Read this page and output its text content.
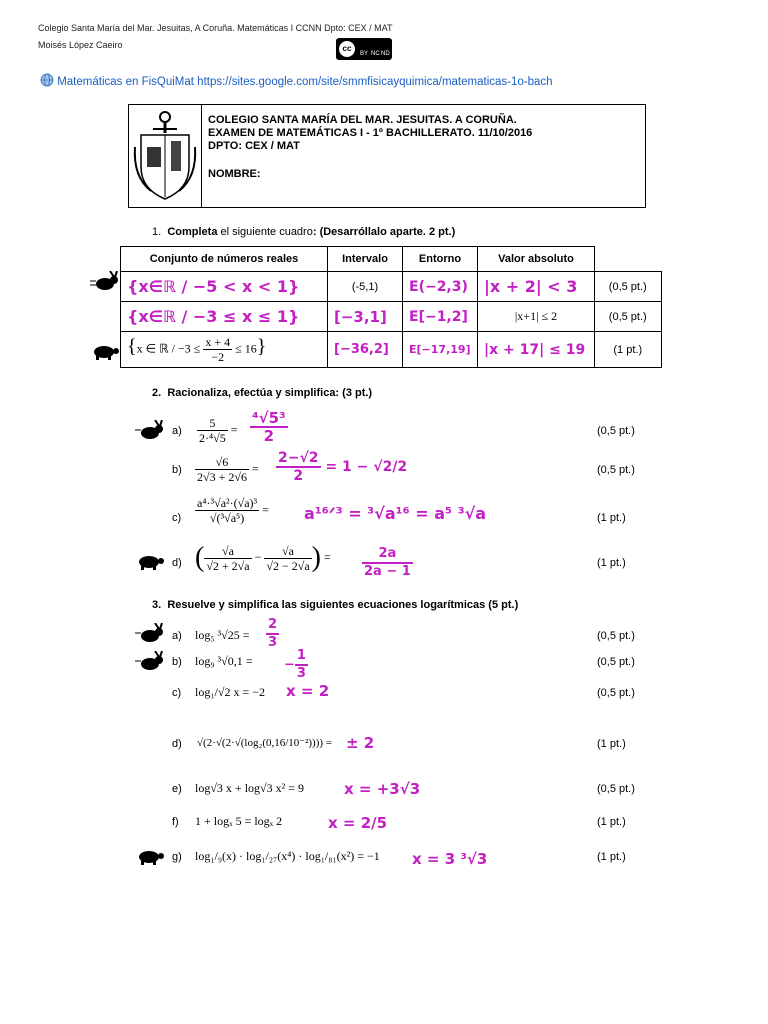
Colegio Santa María del Mar. Jesuitas, A Coruña. Matemáticas I CCNN Dpto: CEX / MAT
Moisés López Caeiro	cc
BY NC ND
Matemáticas en FisQuiMat https://sites.google.com/site/smmfisicayquimica/matematicas-1o-bach
COLEGIO SANTA MARÍA DEL MAR. JESUITAS. A CORUÑA.
EXAMEN DE MATEMÁTICAS I - 1º BACHILLERATO. 11/10/2016
DPTO: CEX / MAT
NOMBRE:
1. Completa el siguiente cuadro: (Desarróllalo aparte. 2 pt.)
Conjunto de números reales	Intervalo	Entorno	Valor absoluto	
{x∈ℝ / −5 < x < 1}	(-5,1)	E(−2,3)	|x + 2| < 3	(0,5 pt.)
{x∈ℝ / −3 ≤ x ≤ 1}	[−3,1]	E[−1,2]	|x+1| ≤ 2	(0,5 pt.)
{x ∈ ℝ / $-3 \le \frac{x + 4}{-2} \le 16$}	[−36,2]	E[−17,19]	|x + 17| ≤ 19	(1 pt.)
2. Racionaliza, efectúa y simplifica: (3 pt.)
$a) \frac{5}{\text{2·⁴√5}} = \frac{\text{⁴√5³}}{2}$	(0,5 pt.)
$b) \frac{√6}{2√3 + 2√6} = \frac{2-√2}{2} = 1 - √2/2$	(0,5 pt.)
$c) \frac{\text{a⁴·³√a²·(√a)³}}{\text{√(³√a⁵)}}$ = a¹⁶ᐟ³ = ³√a¹⁶ = a⁵ ³√a	(1 pt.)
d) ( $\frac{√a}{√2 + 2√a} - \frac{√a}{√2 - 2√a}$ ) = $\frac{2a}{2a - 1}$	(1 pt.)
3. Resuelve y simplifica las siguientes ecuaciones logarítmicas (5 pt.)
a) log₅ $^3√25 = \frac{2}{3}$	(0,5 pt.)
b) log₉ ³√0,1 = − $\frac{1}{3}$	(0,5 pt.)
c) log₁/√2 x = −2 x = 2	(0,5 pt.)
d) √(2·√(2·√(log₂(0,16/10⁻²)))) = ± 2	(1 pt.)
e) log√3 x + log√3 x² = 9	x = +3√3	(0,5 pt.)
f) 1 + logₓ 5 = logₓ 2	x = 2/5	(1 pt.)
g) log₁/₉(x) · log₁/₂₇(x⁴) · log₁/₈₁(x²) = −1 x = 3 ³√3	(1 pt.)
